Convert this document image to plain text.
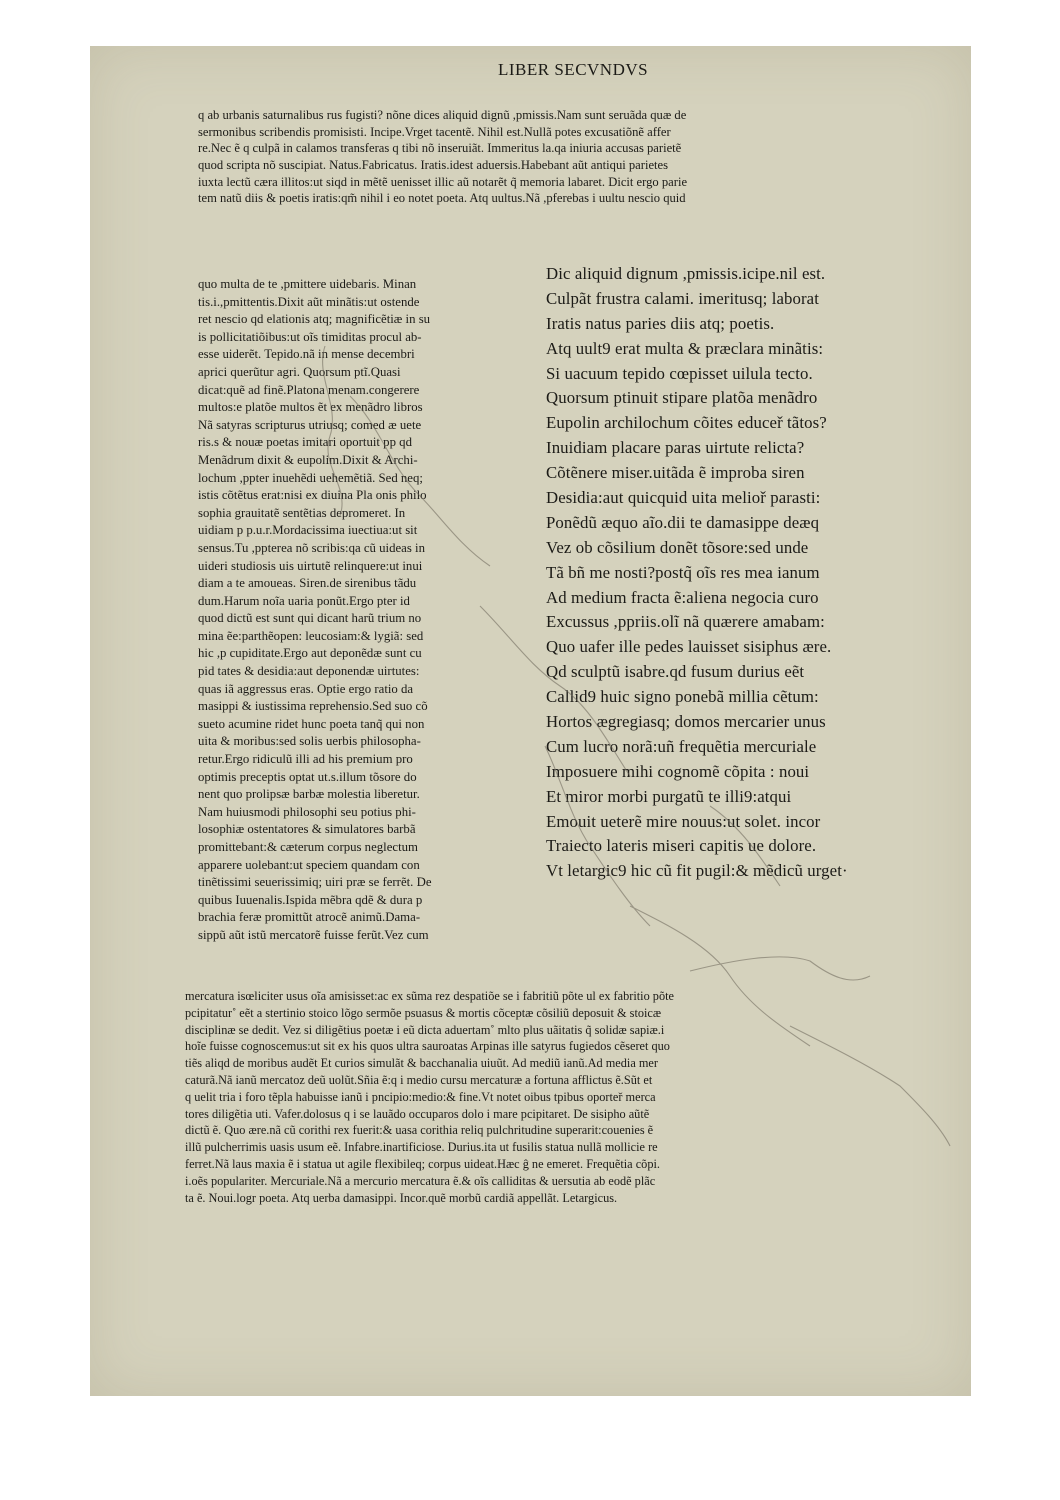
LIBER SECVNDVS
q ab urbanis saturnalibus rus fugisti? nõne dices aliquid dignũ ,pmissis.Nam sunt seruãda quæ de
sermonibus scribendis promisisti. Incipe.Vrget tacentẽ. Nihil est.Nullã potes excusatiõnẽ affer
re.Nec ẽ q culpã in calamos transferas q tibi nõ inseruiãt. Immeritus la.qa iniuria accusas parietẽ
quod scripta nõ suscipiat. Natus.Fabricatus. Iratis.idest aduersis.Habebant aũt antiqui parietes
iuxta lectũ cæra illitos:ut siqd in mẽtẽ uenisset illic aũ notarẽt q̃ memoria labaret. Dicit ergo parie
tem natũ diis & poetis iratis:qm̃ nihil i eo notet poeta. Atq uultus.Nã ,pferebas i uultu nescio quid
quo multa de te ,pmittere uidebaris. Minan
tis.i.,pmittentis.Dixit aũt minãtis:ut ostende
ret nescio qd elationis atq; magnificẽtiæ in su
is pollicitatiõibus:ut oĩs timiditas procul ab-
esse uiderẽt. Tepido.nã in mense decembri
aprici querũtur agri. Quorsum ptĩ.Quasi
dicat:quẽ ad finẽ.Platona menam.congerere
multos:e platõe multos ẽt ex menãdro libros
Nã satyras scripturus utriusq; comed æ uete
ris.s & nouæ poetas imitari oportuit pp qd
Menãdrum dixit & eupolim.Dixit & Archi-
lochum ,ppter inuehẽdi uehemẽtiã. Sed neq;
istis cõtẽtus erat:nisi ex diuina Pla onis philo
sophia grauitatẽ sentẽtias depromeret. In
uidiam p p.u.r.Mordacissima iuectiua:ut sit
sensus.Tu ,ppterea nõ scribis:qa cũ uideas in
uideri studiosis uis uirtutẽ relinquere:ut inui
diam a te amoueas. Siren.de sirenibus tãdu
dum.Harum noĩa uaria ponũt.Ergo pter id
quod dictũ est sunt qui dicant harũ trium no
mina ẽe:parthẽopen: leucosiam:& lygiã: sed
hic ,p cupiditate.Ergo aut deponẽdæ sunt cu
pid tates & desidia:aut deponendæ uirtutes:
quas iã aggressus eras. Optie ergo ratio da
masippi & iustissima reprehensio.Sed suo cõ
sueto acumine ridet hunc poeta tanq̃ qui non
uita & moribus:sed solis uerbis philosopha-
retur.Ergo ridiculũ illi ad his premium pro
optimis preceptis optat ut.s.illum tõsore do
nent quo prolipsæ barbæ molestia liberetur.
Nam huiusmodi philosophi seu potius phi-
losophiæ ostentatores & simulatores barbã
promittebant:& cæterum corpus neglectum
apparere uolebant:ut speciem quandam con
tinẽtissimi seuerissimiq; uiri præ se ferrẽt. De
quibus Iuuenalis.Ispida mẽbra qdẽ & dura p
brachia feræ promittũt atrocẽ animũ.Dama-
sippũ aũt istũ mercatorẽ fuisse ferũt.Vez cum
Dic aliquid dignum ,pmissis.icipe.nil est.
Culpãt frustra calami. imeritusq; laborat
Iratis natus paries diis atq; poetis.
Atq uult9 erat multa & præclara minãtis:
Si uacuum tepido cœpisset uilula tecto.
Quorsum ptinuit stipare platõa menãdro
Eupolin archilochum cõites educeř tãtos?
Inuidiam placare paras uirtute relicta?
Cõtẽnere miser.uitãda ẽ improba siren
Desidia:aut quicquid uita melioř parasti:
Ponẽdũ æquo aĩo.dii te damasippe deæq
Vez ob cõsilium donẽt tõsore:sed unde
Tã bñ me nosti?postq̃ oĩs res mea ianum
Ad medium fracta ẽ:aliena negocia curo
Excussus ,ppriis.olĩ nã quærere amabam:
Quo uafer ille pedes lauisset sisiphus ære.
Qd sculptũ isabre.qd fusum durius eẽt
Callid9 huic signo ponebã millia cẽtum:
Hortos ægregiasq; domos mercarier unus
Cum lucro norã:uñ frequẽtia mercuriale
Imposuere mihi cognomẽ cõpita : noui
Et miror morbi purgatũ te illi9:atqui
Emouit ueterẽ mire nouus:ut solet. incor
Traiecto lateris miseri capitis ue dolore.
Vt letargic9 hic cũ fit pugil:& mẽdicũ urget·
mercatura isœliciter usus oĩa amisisset:ac ex sũma rez despatiõe se i fabritiũ põte ul ex fabritio põte
pcipitatur˚ eẽt a stertinio stoico lõgo sermõe psuasus & mortis cõceptæ cõsiliũ deposuit & stoicæ
disciplinæ se dedit. Vez si diligẽtius poetæ i eũ dicta aduertam˚ mlto plus uãitatis q̃ solidæ sapiæ.i
hoĩe fuisse cognoscemus:ut sit ex his quos ultra sauroatas Arpinas ille satyrus fugiedos cẽseret quo
tiẽs aliqd de moribus audẽt Et curios simulãt & bacchanalia uiuũt. Ad mediũ ianũ.Ad media mer
caturã.Nã ianũ mercatoz deũ uolũt.Sñia ẽ:q i medio cursu mercaturæ a fortuna afflictus ẽ.Sũt et
q uelit tria i foro tẽpla habuisse ianũ i pncipio:medio:& fine.Vt notet oibus tpibus oporteř merca
tores diligẽtia uti. Vafer.dolosus q i se lauãdo occuparos dolo i mare pcipitaret. De sisipho aũtẽ
dictũ ẽ. Quo ære.nã cũ corithi rex fuerit:& uasa corithia reliq pulchritudine superarit:couenies ẽ
illũ pulcherrimis uasis usum eẽ. Infabre.inartificiose. Durius.ita ut fusilis statua nullã mollicie re
ferret.Nã laus maxia ẽ i statua ut agile flexibileq; corpus uideat.Hæc ĝ ne emeret. Frequẽtia cõpi.
i.oẽs populariter. Mercuriale.Nã a mercurio mercatura ẽ.& oĩs calliditas & uersutia ab eodẽ plãc
ta ẽ. Noui.logr poeta. Atq uerba damasippi. Incor.quẽ morbũ cardiã appellãt. Letargicus.
